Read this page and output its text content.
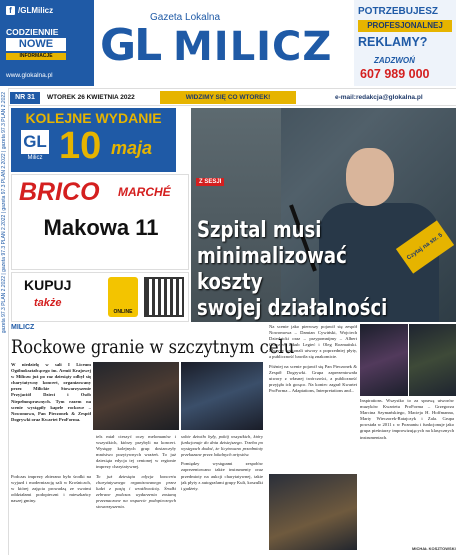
f /GLMilicz
CODZIENNIE
NOWE
INFORMACJE
www.glokalna.pl
Gazeta Lokalna
GL MILICZ
POTRZEBUJESZ
PROFESJONALNEJ
REKLAMY?
ZADZWOŃ
607 989 000
NR 31	WTOREK 26 KWIETNIA 2022	WIDZIMY SIĘ CO WTOREK!	e-mail:redakcja@glokalna.pl
gazeta 97.3 PLAN 2.2022 | gazeta 97.3 PLAN 2.2022 | gazeta 97.3 PLAN 2.2022 | gazeta 97.3 PLAN 2.2022	KOLEJNE WYDANIE
GL
Milicz 10 maja
BRICO MARCHÉ
Makowa 11
KUPUJ
także
ONLINE
Z SESJI
Szpital musi
minimalizować koszty
swojej działalności
Czytaj na str. 5
MILICZ
Rockowe granie w szczytnym celu

W niedzielę w sali I Liceum Ogólnokształcącego im. Armii Krajowej w Miliczu już po raz dziesiąty odbył się charytatywny koncert, organizowany przez Milickie Stowarzyszenie Przyjaciół Dzieci i Osób Niepełnosprawnych. Tym razem na scenie wystąpiły kapele rockowe – Nowomowa, Pan Pieczonek & Zespół Dogrywki oraz Kwartet ProForma.

Podczas imprezy zbierano było środki na wyjazd i modernizację sali w Krośnicach, w której zajęcia prowadzą ze swoimi oddziałami podopieczni i mieszkańcy naszej gminy.

tels miał cieszyć oczy melomanów i wszystkich, którzy przybyli na koncert. Występy kolejnych grup dostarczyły mnóstwo pozytywnych wrażeń. To już dziesiąta edycja tej cenionej w regionie imprezy charytatywnej.

To już dziesiąta edycja koncertu charytatywnego organizowanego przez ludzi z pasją i wrażliwością. Środki zebrane podczas wydarzenia zostaną przeznaczone na wsparcie podopiecznych stowarzyszenia.

sobie dziwiło były, pokój wszystkich, który funkcjonuje do dnia dzisiejszego. Trzeba po występach dodać, że licytowano przedmioty przekazane przez lokalnych artystów.

Pomiędzy występami zespołów zaprezentowano także instrumenty oraz przedmioty na aukcji charytatywnej, takie jak płyty z autografami grupy Kult, koszulki i gadżety.

Na scenie jako pierwszy pojawił się zespół Nowomowa – Damian Cywiński, Wojciech Dziedzicki oraz – przypomnijmy – Albert Gorczyc, Jakub Legieć i Oleg Rozmaitski. Muzycy wykonali utwory z poprzedniej płyty, a publiczność bawiła się znakomicie.

Później na scenie pojawił się Pan Pieczonek & Zespół Dogrywki. Grupa zaprezentowała utwory z własnej twórczości, a publiczność przyjęła ich gorąco. Na koniec zagrał Kwartet ProForma – Adaptations, Interpretations and...

Inspirations. Wszystko to za sprawą utworów muzyków Kwartetu ProForma – Grzegorza Marcina Szymańskiego, Macieja H. Hoffmanna, Marty Wieczorek-Ratajczyk i Zala. Grupa powstała w 2011 r. w Poznaniu i funkcjonuje jako grupa pieśniarzy improwizujących na klasycznych instrumentach.

MICHAŁ KOSZTOWSKI
